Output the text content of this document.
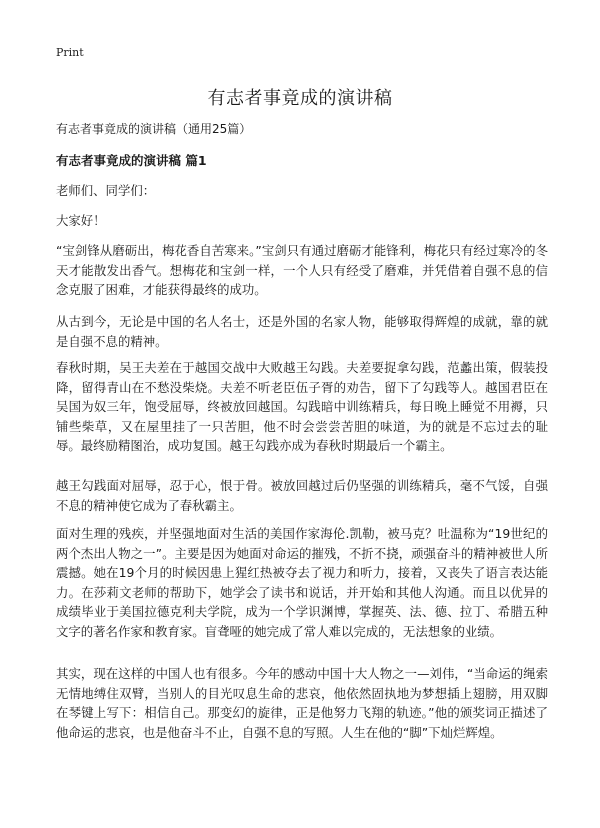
Print
有志者事竟成的演讲稿
有志者事竟成的演讲稿（通用25篇）
有志者事竟成的演讲稿 篇1

老师们、同学们：

大家好！

“宝剑锋从磨砺出，梅花香自苦寒来。”宝剑只有通过磨砺才能锋利，梅花只有经过寒冷的冬天才能散发出香气。想梅花和宝剑一样，一个人只有经受了磨难，并凭借着自强不息的信念克服了困难，才能获得最终的成功。

从古到今，无论是中国的名人名士，还是外国的名家人物，能够取得辉煌的成就，靠的就是自强不息的精神。

春秋时期，吴王夫差在于越国交战中大败越王勾践。夫差要捉拿勾践，范蠡出策，假装投降，留得青山在不愁没柴烧。夫差不听老臣伍子胥的劝告，留下了勾践等人。越国君臣在吴国为奴三年，饱受屈辱，终被放回越国。勾践暗中训练精兵，每日晚上睡觉不用褥，只铺些柴草，又在屋里挂了一只苦胆，他不时会尝尝苦胆的味道，为的就是不忘过去的耻辱。最终励精图治，成功复国。越王勾践亦成为春秋时期最后一个霸主。

越王勾践面对屈辱，忍于心，恨于骨。被放回越过后仍坚强的训练精兵，毫不气馁，自强不息的精神使它成为了春秋霸主。

面对生理的残疾，并坚强地面对生活的美国作家海伦.凯勒，被马克？吐温称为“19世纪的两个杰出人物之一”。主要是因为她面对命运的摧残，不折不挠，顽强奋斗的精神被世人所震撼。她在19个月的时候因患上猩红热被夺去了视力和听力，接着，又丧失了语言表达能力。在莎莉文老师的帮助下，她学会了读书和说话，并开始和其他人沟通。而且以优异的成绩毕业于美国拉德克利夫学院，成为一个学识渊博，掌握英、法、德、拉丁、希腊五种文字的著名作家和教育家。盲聋哑的她完成了常人难以完成的，无法想象的业绩。

其实，现在这样的中国人也有很多。今年的感动中国十大人物之一—刘伟，“当命运的绳索无情地缚住双臂，当别人的目光叹息生命的悲哀，他依然固执地为梦想插上翅膀，用双脚在琴键上写下：相信自己。那变幻的旋律，正是他努力飞翔的轨迹。”他的颁奖词正描述了他命运的悲哀，也是他奋斗不止，自强不息的写照。人生在他的“脚”下灿烂辉煌。
